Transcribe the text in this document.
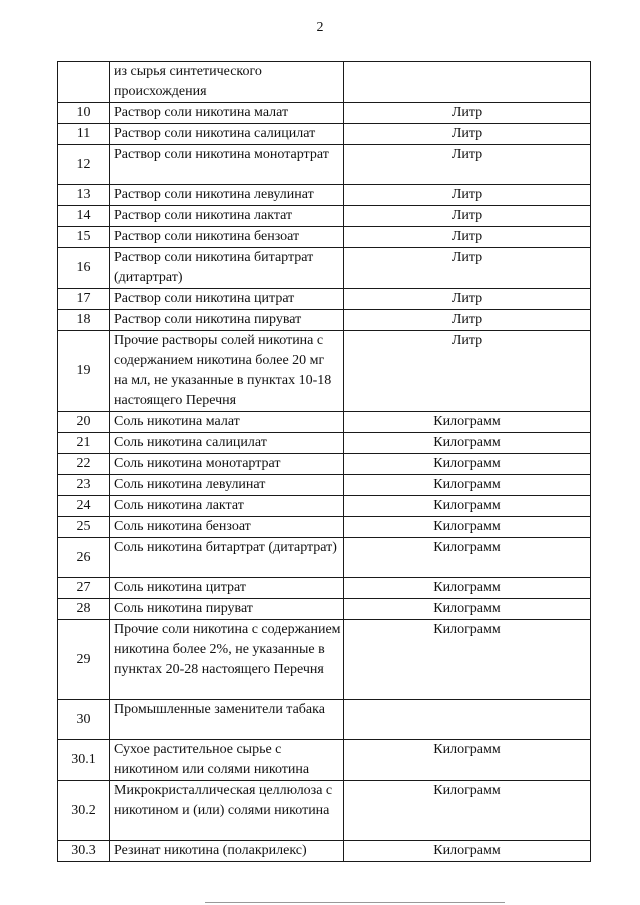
2
	из сырья синтетического происхождения	
10	Раствор соли никотина малат	Литр
11	Раствор соли никотина салицилат	Литр
12	Раствор соли никотина монотартрат	Литр
13	Раствор соли никотина левулинат	Литр
14	Раствор соли никотина лактат	Литр
15	Раствор соли никотина бензоат	Литр
16	Раствор соли никотина битартрат (дитартрат)	Литр
17	Раствор соли никотина цитрат	Литр
18	Раствор соли никотина пируват	Литр
19	Прочие растворы солей никотина с содержанием никотина более 20 мг на мл, не указанные в пунктах 10-18 настоящего Перечня	Литр
20	Соль никотина малат	Килограмм
21	Соль никотина салицилат	Килограмм
22	Соль никотина монотартрат	Килограмм
23	Соль никотина левулинат	Килограмм
24	Соль никотина лактат	Килограмм
25	Соль никотина бензоат	Килограмм
26	Соль никотина битартрат (дитартрат)	Килограмм
27	Соль никотина цитрат	Килограмм
28	Соль никотина пируват	Килограмм
29	Прочие соли никотина с содержанием никотина более 2%, не указанные в пунктах 20-28 настоящего Перечня	Килограмм
30	Промышленные заменители табака	
30.1	Сухое растительное сырье с никотином или солями никотина	Килограмм
30.2	Микрокристаллическая целлюлоза с никотином и (или) солями никотина	Килограмм
30.3	Резинат никотина (полакрилекс)	Килограмм
